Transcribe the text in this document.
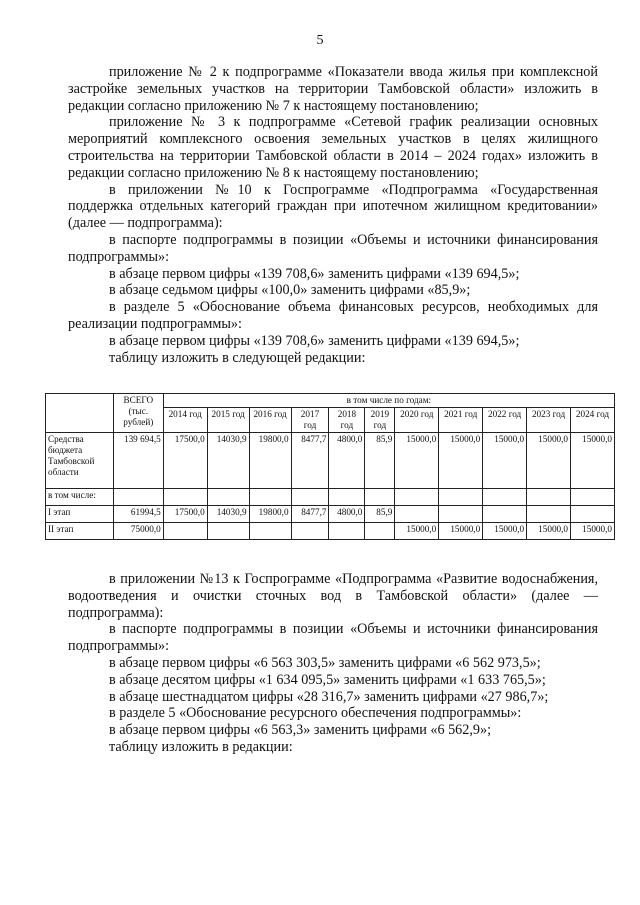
5

приложение № 2 к подпрограмме «Показатели ввода жилья при комплексной застройке земельных участков на территории Тамбовской области» изложить в редакции согласно приложению № 7 к настоящему постановлению;

приложение № 3 к подпрограмме «Сетевой график реализации основных мероприятий комплексного освоения земельных участков в целях жилищного строительства на территории Тамбовской области в 2014 – 2024 годах» изложить в редакции согласно приложению № 8 к настоящему постановлению;

в приложении №10 к Госпрограмме «Подпрограмма «Государственная поддержка отдельных категорий граждан при ипотечном жилищном кредитовании» (далее — подпрограмма):

в паспорте подпрограммы в позиции «Объемы и источники финансирования подпрограммы»:

в абзаце первом цифры «139 708,6» заменить цифрами «139 694,5»;

в абзаце седьмом цифры «100,0» заменить цифрами «85,9»;

в разделе 5 «Обоснование объема финансовых ресурсов, необходимых для реализации подпрограммы»:

в абзаце первом цифры «139 708,6» заменить цифрами «139 694,5»;

таблицу изложить в следующей редакции:

	ВСЕГО (тыс. рублей)	в том числе по годам:										
		2014 год	2015 год	2016 год	2017 год	2018 год	2019 год	2020 год	2021 год	2022 год	2023 год	2024 год
Средства бюджета Тамбовской области	139 694,5	17500,0	14030,9	19800,0	8477,7	4800,0	85,9	15000,0	15000,0	15000,0	15000,0	15000,0
в том числе:												
I этап	61994,5	17500,0	14030,9	19800,0	8477,7	4800,0	85,9					
II этап	75000,0							15000,0	15000,0	15000,0	15000,0	15000,0

в приложении №13 к Госпрограмме «Подпрограмма «Развитие водоснабжения, водоотведения и очистки сточных вод в Тамбовской области» (далее — подпрограмма):

в паспорте подпрограммы в позиции «Объемы и источники финансирования подпрограммы»:

в абзаце первом цифры «6 563 303,5» заменить цифрами «6 562 973,5»;

в абзаце десятом цифры «1 634 095,5» заменить цифрами «1 633 765,5»;

в абзаце шестнадцатом цифры «28 316,7» заменить цифрами «27 986,7»;

в разделе 5 «Обоснование ресурсного обеспечения подпрограммы»:

в абзаце первом цифры «6 563,3» заменить цифрами «6 562,9»;

таблицу изложить в редакции:
